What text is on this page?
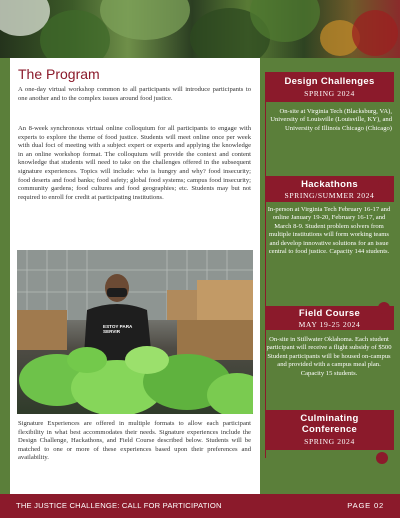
The Program

A one-day virtual workshop common to all participants will introduce participants to one another and to the complex issues around food justice.

An 8-week synchronous virtual online colloquium for all participants to engage with experts to explore the theme of food justice. Students will meet online once per week with dual foci of meeting with a subject expert or experts and applying the knowledge in an online workshop format. The colloquium will provide the context and content knowledge that students will need to take on the challenges offered in the subsequent signature experiences. Topics will include: who is hungry and why? food insecurity; food deserts and food banks; food safety; global food systems; campus food insecurity; community gardens; food cultures and food geographies; etc. Students may but not required to enroll for credit at participating institutions.

ESTOY PARA SERVIR

Signature Experiences are offered in multiple formats to allow each participant flexibility in what best accommodates their needs. Signature experiences include the Design Challenge, Hackathons, and Field Course described below. Students will be matched to one or more of these experiences based upon their preferences and availability.

Design Challenges
SPRING 2024
On-site at Virginia Tech (Blacksburg, VA), University of Louisville (Louisville, KY), and University of Illinois Chicago (Chicago)
Hackathons
SPRING/SUMMER 2024
In-person at Virginia Tech February 16-17 and online January 19-20, February 16-17, and March 8-9. Student problem solvers from multiple institutions will form working teams and develop innovative solutions for an issue central to food justice. Capacity 144 students.
Field Course
MAY 19-25 2024
On-site in Stillwater Oklahoma. Each student participant will receive a flight subsidy of $500 Student participants will be housed on-campus and provided with a campus meal plan. Capacity 15 students.
Culminating
Conference
SPRING 2024
THE JUSTICE CHALLENGE: CALL FOR PARTICIPATION	PAGE 02
